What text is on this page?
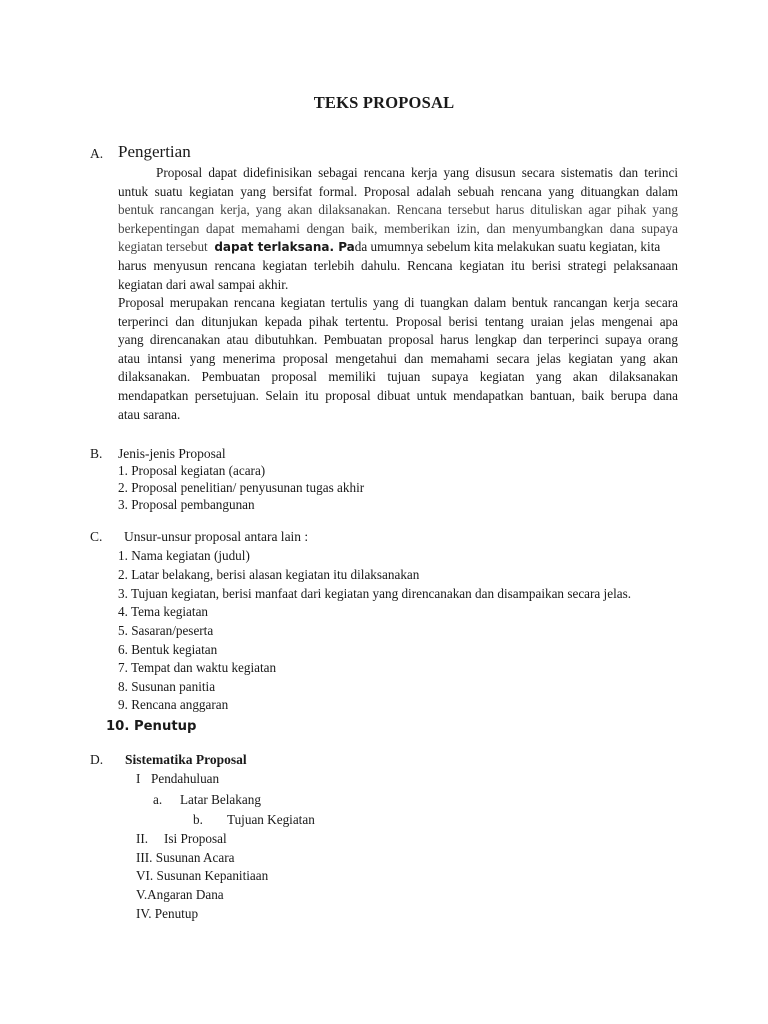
TEKS PROPOSAL
A. Pengertian
Proposal dapat didefinisikan sebagai rencana kerja yang disusun secara sistematis dan terinci
untuk suatu kegiatan yang bersifat formal. Proposal adalah sebuah rencana yang dituangkan dalam
bentuk rancangan kerja, yang akan dilaksanakan. Rencana tersebut harus dituliskan agar pihak yang
berkepentingan dapat memahami dengan baik, memberikan izin, dan menyumbangkan dana supaya
kegiatan tersebut dapat terlaksana. Pada umumnya sebelum kita melakukan suatu kegiatan, kita
harus menyusun rencana kegiatan terlebih dahulu. Rencana kegiatan itu berisi strategi pelaksanaan
kegiatan dari awal sampai akhir.
Proposal merupakan rencana kegiatan tertulis yang di tuangkan dalam bentuk rancangan kerja secara
terperinci dan ditunjukan kepada pihak tertentu. Proposal berisi tentang uraian jelas mengenai apa
yang direncanakan atau dibutuhkan. Pembuatan proposal harus lengkap dan terperinci supaya orang
atau intansi yang menerima proposal mengetahui dan memahami secara jelas kegiatan yang akan
dilaksanakan. Pembuatan proposal memiliki tujuan supaya kegiatan yang akan dilaksanakan
mendapatkan persetujuan. Selain itu proposal dibuat untuk mendapatkan bantuan, baik berupa dana
atau sarana.
B. Jenis-jenis Proposal
1. Proposal kegiatan (acara)
2. Proposal penelitian/ penyusunan tugas akhir
3. Proposal pembangunan
C. Unsur-unsur proposal antara lain :
1. Nama kegiatan (judul)
2. Latar belakang, berisi alasan kegiatan itu dilaksanakan
3. Tujuan kegiatan, berisi manfaat dari kegiatan yang direncanakan dan disampaikan secara jelas.
4. Tema kegiatan
5. Sasaran/peserta
6. Bentuk kegiatan
7. Tempat dan waktu kegiatan
8. Susunan panitia
9. Rencana anggaran
10. Penutup
D. Sistematika Proposal
I Pendahuluan
a. Latar Belakang
b. Tujuan Kegiatan
II. Isi Proposal
III. Susunan Acara
VI. Susunan Kepanitiaan
V.Angaran Dana
IV. Penutup
